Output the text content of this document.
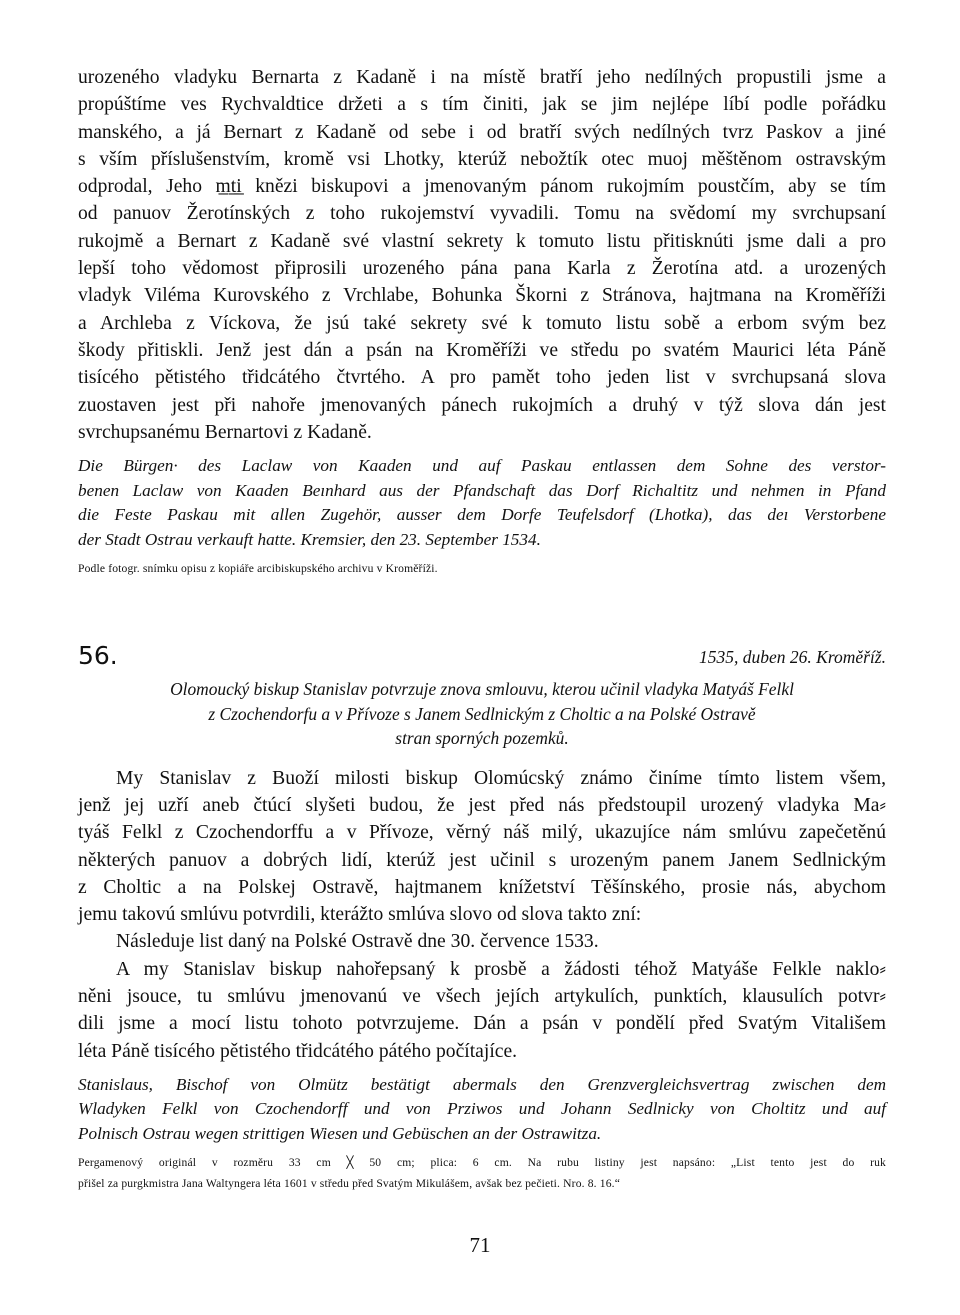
urozeného vladyku Bernarta z Kadaně i na místě bratří jeho nedílných propustili jsme a
propúštíme ves Rychvaldtice držeti a s tím činiti, jak se jim nejlépe líbí podle pořádku
manského, a já Bernart z Kadaně od sebe i od bratří svých nedílných tvrz Paskov a jiné
s vším příslušenstvím, kromě vsi Lhotky, kterúž nebožtík otec muoj měštěnom ostravským
odprodal, Jeho m̲t̲i̲ knězi biskupovi a jmenovaným pánom rukojmím poustčím, aby se tím
od panuov Žerotínských z toho rukojemství vyvadili. Tomu na svědomí my svrchupsaní
rukojmě a Bernart z Kadaně své vlastní sekrety k tomuto listu přitisknúti jsme dali a pro
lepší toho vědomost připrosili urozeného pána pana Karla z Žerotína atd. a urozených
vladyk Viléma Kurovského z Vrchlabe, Bohunka Škorni z Stránova, hajtmana na Kroměříži
a Archleba z Víckova, že jsú také sekrety své k tomuto listu sobě a erbom svým bez
škody přitiskli. Jenž jest dán a psán na Kroměříži ve středu po svatém Maurici léta Páně
tisícého pětistého třidcátého čtvrtého. A pro pamět toho jeden list v svrchupsaná slova
zuostaven jest při nahoře jmenovaných pánech rukojmích a druhý v týž slova dán jest
svrchupsanému Bernartovi z Kadaně.

Die Bürgen· des Laclaw von Kaaden und auf Paskau entlassen dem Sohne des verstor-
benen Laclaw von Kaaden Beınhard aus der Pfandschaft das Dorf Richaltitz und nehmen in Pfand
die Feste Paskau mit allen Zugehör, ausser dem Dorfe Teufelsdorf (Lhotka), das deı Verstorbene
der Stadt Ostrau verkauft hatte. Kremsier, den 23. September 1534.

Podle fotogr. snímku opisu z kopiáře arcibiskupského archivu v Kroměříži.

56.	1535, duben 26. Kroměříž.

Olomoucký biskup Stanislav potvrzuje znova smlouvu, kterou učinil vladyka Matyáš Felkl
z Czochendorfu a v Přívoze s Janem Sedlnickým z Choltic a na Polské Ostravě
stran sporných pozemků.

My Stanislav z Buoží milosti biskup Olomúcský známo činíme tímto listem všem,
jenž jej uzří aneb čtúcí slyšeti budou, že jest před nás předstoupil urozený vladyka Ma⸗
tyáš Felkl z Czochendorffu a v Přívoze, věrný náš milý, ukazujíce nám smlúvu zapečetěnú
některých panuov a dobrých lidí, kterúž jest učinil s urozeným panem Janem Sedlnickým
z Choltic a na Polskej Ostravě, hajtmanem knížetství Těšínského, prosie nás, abychom
jemu takovú smlúvu potvrdili, kterážto smlúva slovo od slova takto zní:

Následuje list daný na Polské Ostravě dne 30. července 1533.

A my Stanislav biskup nahořepsaný k prosbě a žádosti téhož Matyáše Felkle naklo⸗
něni jsouce, tu smlúvu jmenovanú ve všech jejích artykulích, punktích, klausulích potvr⸗
dili jsme a mocí listu tohoto potvrzujeme. Dán a psán v pondělí před Svatým Vitališem
léta Páně tisícého pětistého třidcátého pátého počítajíce.

Stanislaus, Bischof von Olmütz bestätigt abermals den Grenzvergleichsvertrag zwischen dem
Wladyken Felkl von Czochendorff und von Prziwos und Johann Sedlnicky von Choltitz und auf
Polnisch Ostrau wegen strittigen Wiesen und Gebüschen an der Ostrawitza.

Pergamenový originál v rozměru 33 cm ╳ 50 cm; plica: 6 cm. Na rubu listiny jest napsáno: „List tento jest do ruk
přišel za purgkmistra Jana Waltyngera léta 1601 v středu před Svatým Mikulášem, avšak bez pečieti. Nro. 8. 16.“

71
